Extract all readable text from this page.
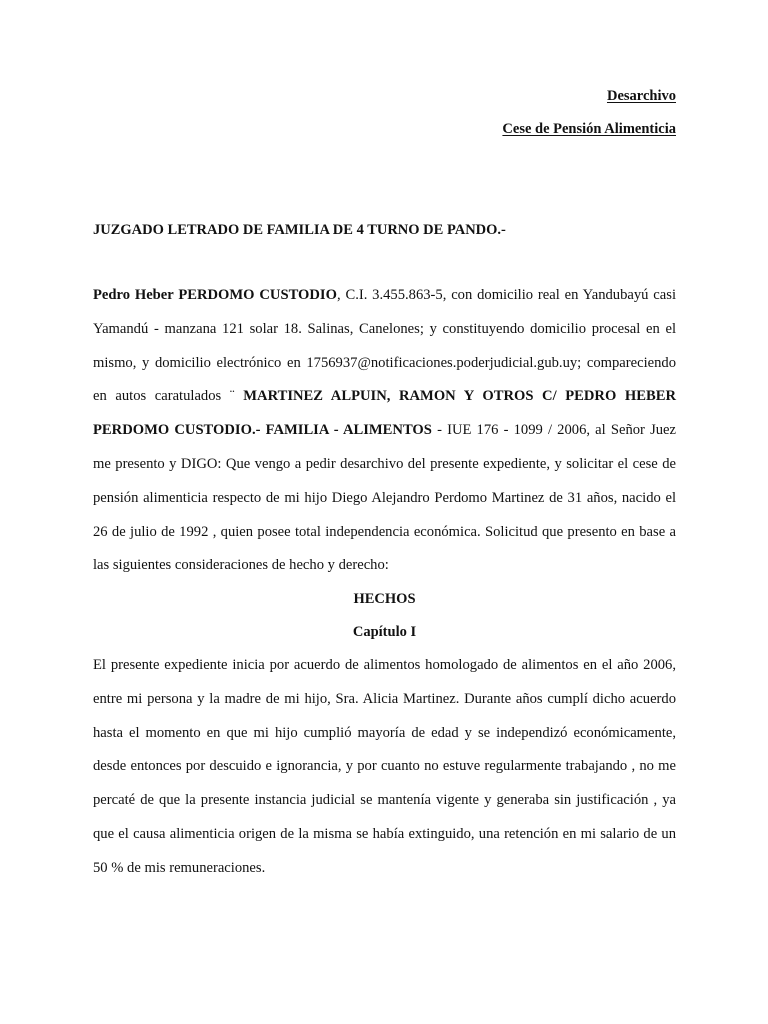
Desarchivo
Cese de Pensión Alimenticia
JUZGADO LETRADO DE FAMILIA DE 4 TURNO DE PANDO.-
Pedro Heber PERDOMO CUSTODIO, C.I. 3.455.863-5, con domicilio real en Yandubayú casi Yamandú - manzana 121 solar 18. Salinas, Canelones; y constituyendo domicilio procesal en el mismo, y domicilio electrónico en 1756937@notificaciones.poderjudicial.gub.uy; compareciendo en autos caratulados ¨ MARTINEZ ALPUIN, RAMON Y OTROS C/ PEDRO HEBER PERDOMO CUSTODIO.- FAMILIA - ALIMENTOS - IUE 176 - 1099 / 2006, al Señor Juez me presento y DIGO: Que vengo a pedir desarchivo del presente expediente, y solicitar el cese de pensión alimenticia respecto de mi hijo Diego Alejandro Perdomo Martinez de 31 años, nacido el 26 de julio de 1992 , quien posee total independencia económica. Solicitud que presento en base a las siguientes consideraciones de hecho y derecho:
HECHOS
Capítulo I
El presente expediente inicia por acuerdo de alimentos homologado de alimentos en el año 2006, entre mi persona y la madre de mi hijo, Sra. Alicia Martinez. Durante años cumplí dicho acuerdo hasta el momento en que mi hijo cumplió mayoría de edad y se independizó económicamente, desde entonces por descuido e ignorancia, y por cuanto no estuve regularmente trabajando , no me percaté de que la presente instancia judicial se mantenía vigente y generaba sin justificación , ya que el causa alimenticia origen de la misma se había extinguido, una retención en mi salario de un 50 % de mis remuneraciones.
